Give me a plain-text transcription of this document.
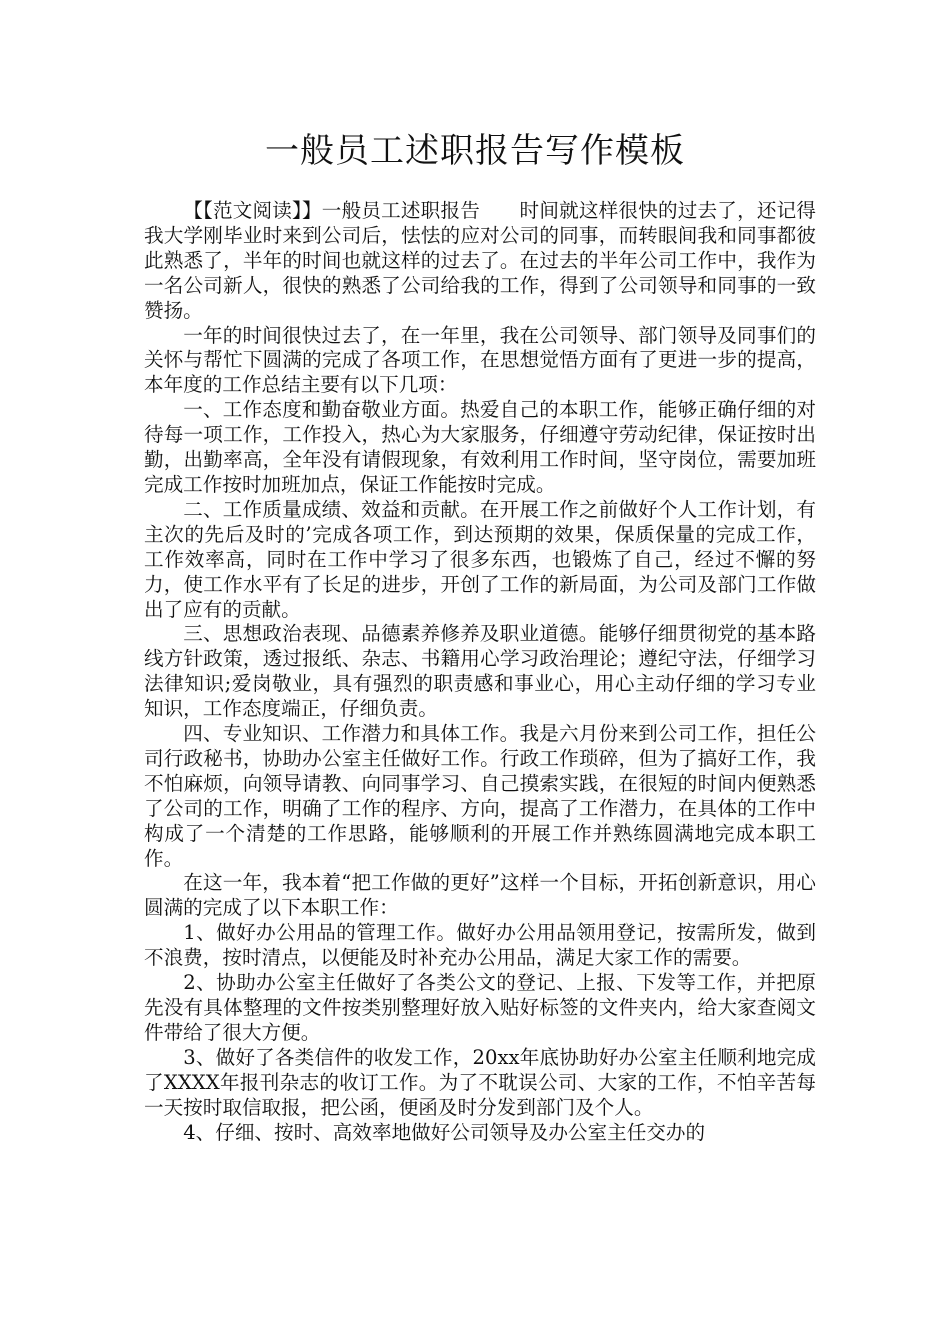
一般员工述职报告写作模板

【【范文阅读】】一般员工述职报告　　时间就这样很快的过去了，还记得我大学刚毕业时来到公司后，怯怯的应对公司的同事，而转眼间我和同事都彼此熟悉了，半年的时间也就这样的过去了。在过去的半年公司工作中，我作为一名公司新人，很快的熟悉了公司给我的工作，得到了公司领导和同事的一致赞扬。

一年的时间很快过去了，在一年里，我在公司领导、部门领导及同事们的关怀与帮忙下圆满的完成了各项工作，在思想觉悟方面有了更进一步的提高，本年度的工作总结主要有以下几项：

一、工作态度和勤奋敬业方面。热爱自己的本职工作，能够正确仔细的对待每一项工作，工作投入，热心为大家服务，仔细遵守劳动纪律，保证按时出勤，出勤率高，全年没有请假现象，有效利用工作时间，坚守岗位，需要加班完成工作按时加班加点，保证工作能按时完成。

二、工作质量成绩、效益和贡献。在开展工作之前做好个人工作计划，有主次的先后及时的’完成各项工作，到达预期的效果，保质保量的完成工作，工作效率高，同时在工作中学习了很多东西，也锻炼了自己，经过不懈的努力，使工作水平有了长足的进步，开创了工作的新局面，为公司及部门工作做出了应有的贡献。

三、思想政治表现、品德素养修养及职业道德。能够仔细贯彻党的基本路线方针政策，透过报纸、杂志、书籍用心学习政治理论；遵纪守法，仔细学习法律知识;爱岗敬业，具有强烈的职责感和事业心，用心主动仔细的学习专业知识，工作态度端正，仔细负责。

四、专业知识、工作潜力和具体工作。我是六月份来到公司工作，担任公司行政秘书，协助办公室主任做好工作。行政工作琐碎，但为了搞好工作，我不怕麻烦，向领导请教、向同事学习、自己摸索实践，在很短的时间内便熟悉了公司的工作，明确了工作的程序、方向，提高了工作潜力，在具体的工作中构成了一个清楚的工作思路，能够顺利的开展工作并熟练圆满地完成本职工作。

在这一年，我本着“把工作做的更好”这样一个目标，开拓创新意识，用心圆满的完成了以下本职工作：

1、做好办公用品的管理工作。做好办公用品领用登记，按需所发，做到不浪费，按时清点，以便能及时补充办公用品，满足大家工作的需要。

2、协助办公室主任做好了各类公文的登记、上报、下发等工作，并把原先没有具体整理的文件按类别整理好放入贴好标签的文件夹内，给大家查阅文件带给了很大方便。

3、做好了各类信件的收发工作，20xx年底协助好办公室主任顺利地完成了XXXX年报刊杂志的收订工作。为了不耽误公司、大家的工作，不怕辛苦每一天按时取信取报，把公函，便函及时分发到部门及个人。

4、仔细、按时、高效率地做好公司领导及办公室主任交办的
